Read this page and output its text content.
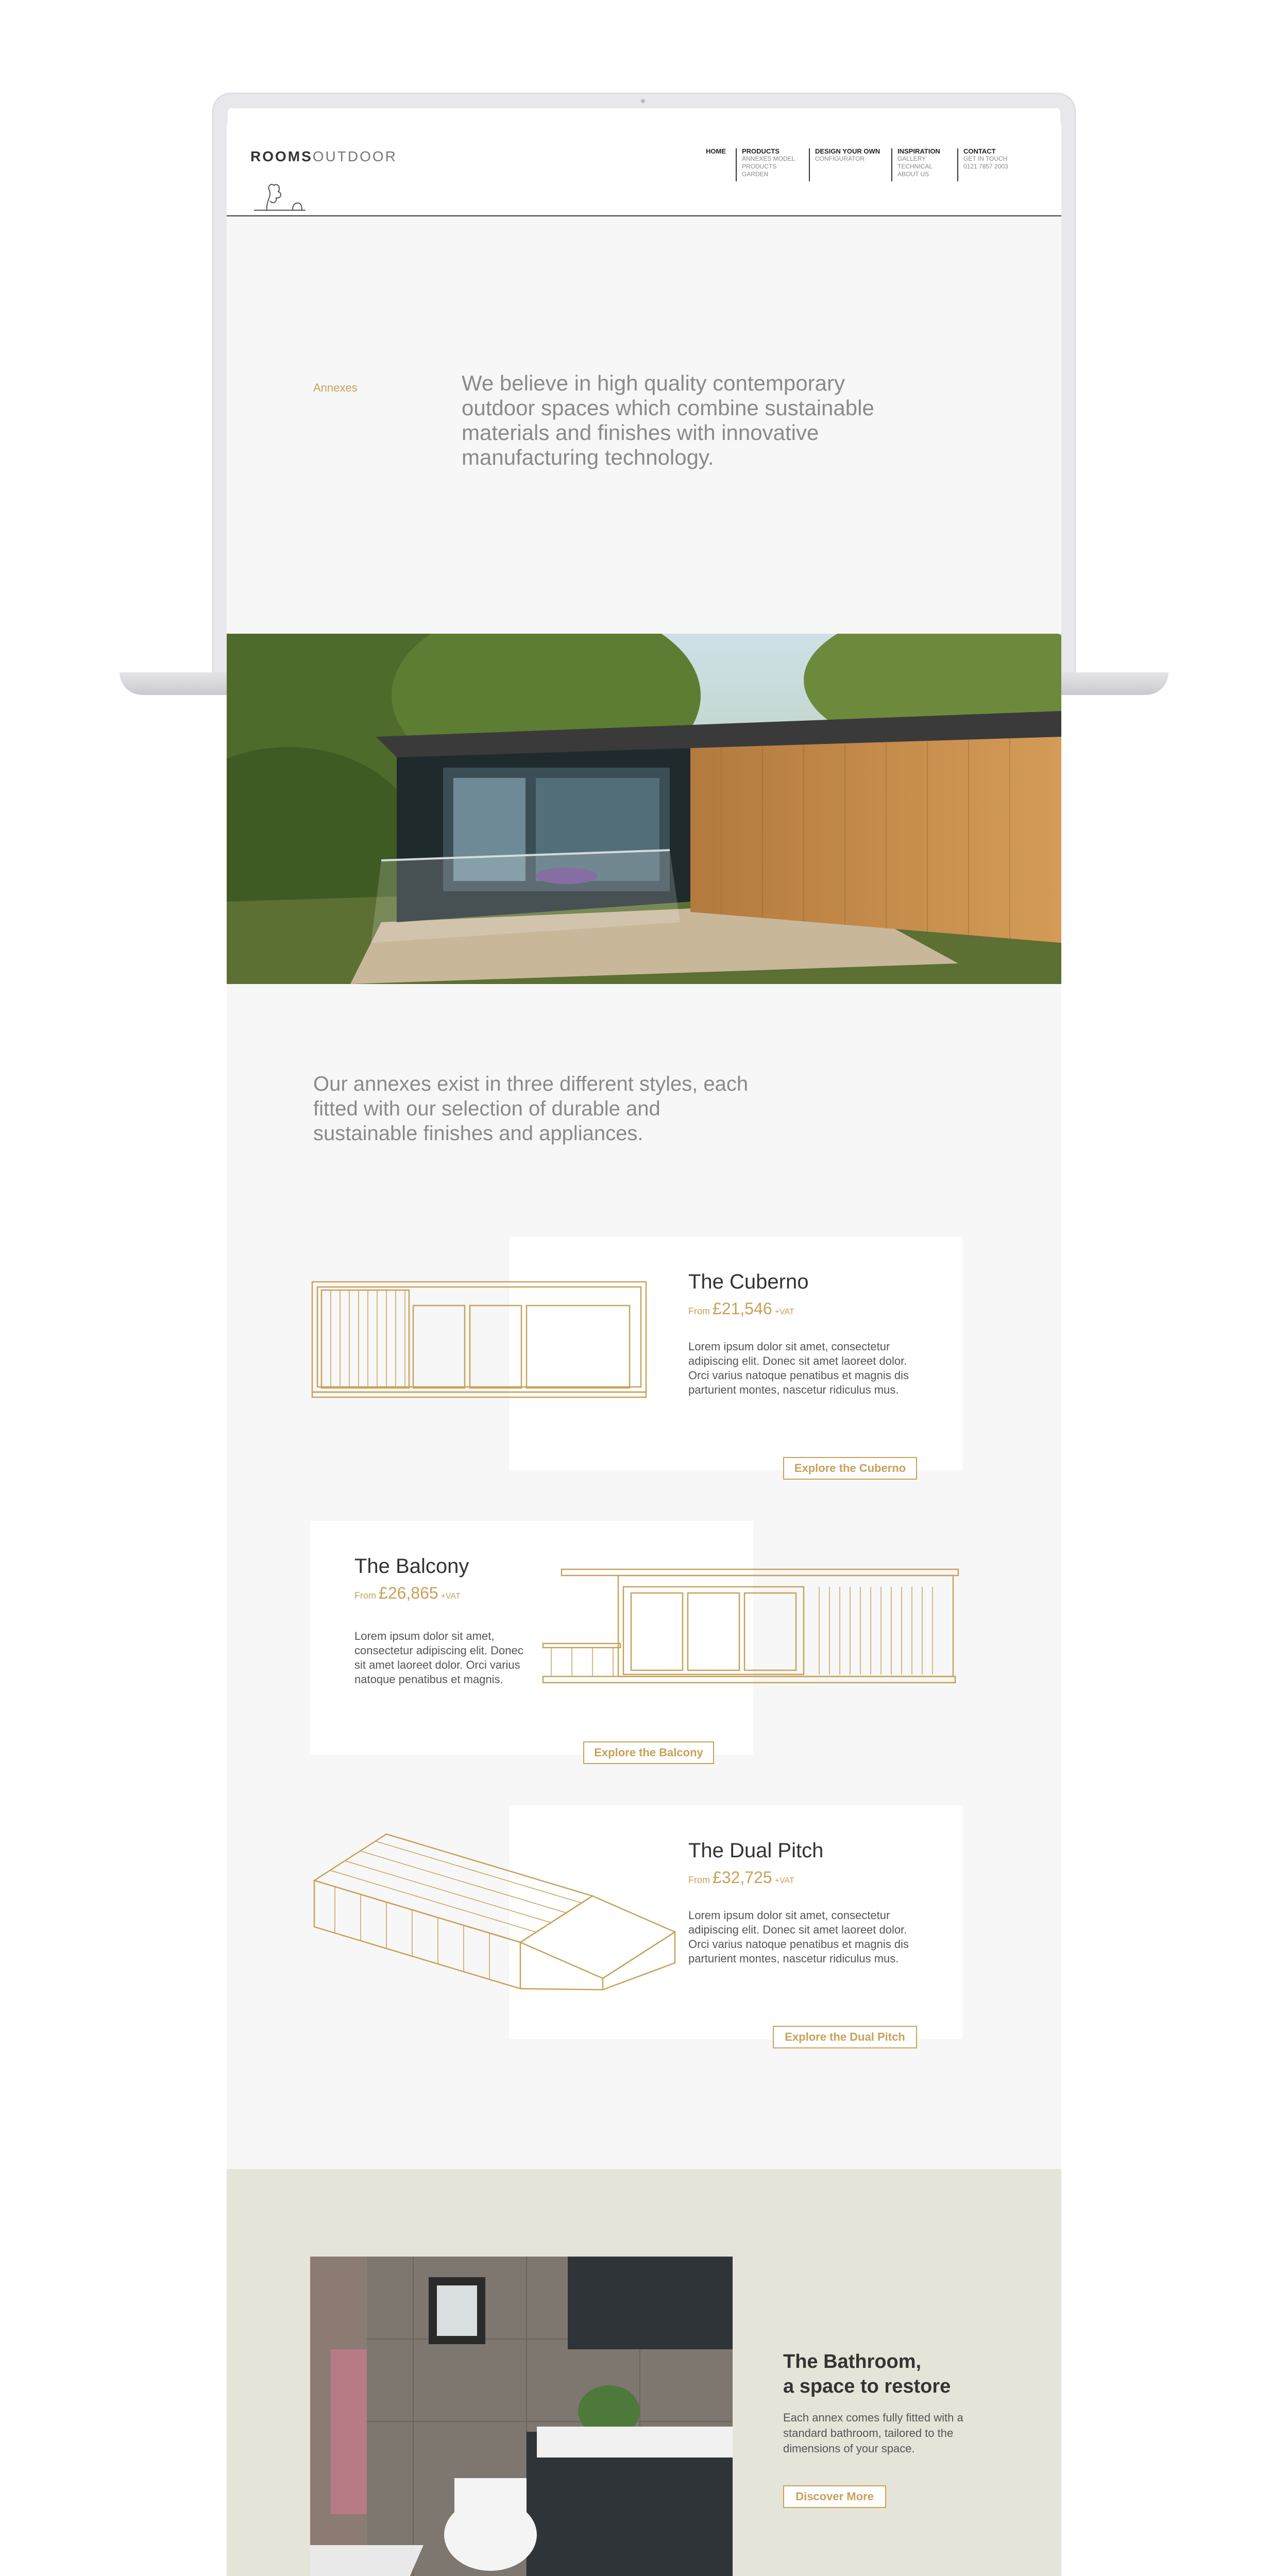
ROOMSOUTDOOR	HOME PRODUCTS
ANNEXES MODEL
PRODUCTS
GARDEN
DESIGN YOUR OWN
CONFIGURATOR
INSPIRATION
GALLERY
TECHNICAL
ABOUT US
CONTACT
GET IN TOUCH
0121 7857 2003
Annexes	We believe in high quality contemporary outdoor spaces which combine sustainable materials and finishes with innovative manufacturing technology.
Our annexes exist in three different styles, each fitted with our selection of durable and sustainable finishes and appliances.
The Cuberno
From £21,546 +VAT
Lorem ipsum dolor sit amet, consectetur adipiscing elit. Donec sit amet laoreet dolor. Orci varius natoque penatibus et magnis dis parturient montes, nascetur ridiculus mus.
Explore the Cuberno
The Balcony
From £26,865 +VAT
Lorem ipsum dolor sit amet, consectetur adipiscing elit. Donec sit amet laoreet dolor. Orci varius natoque penatibus et magnis.
Explore the Balcony
The Dual Pitch
From £32,725 +VAT
Lorem ipsum dolor sit amet, consectetur adipiscing elit. Donec sit amet laoreet dolor. Orci varius natoque penatibus et magnis dis parturient montes, nascetur ridiculus mus.
Explore the Dual Pitch
The Bathroom,
a space to restore
Each annex comes fully fitted with a standard bathroom, tailored to the dimensions of your space.
Discover More
